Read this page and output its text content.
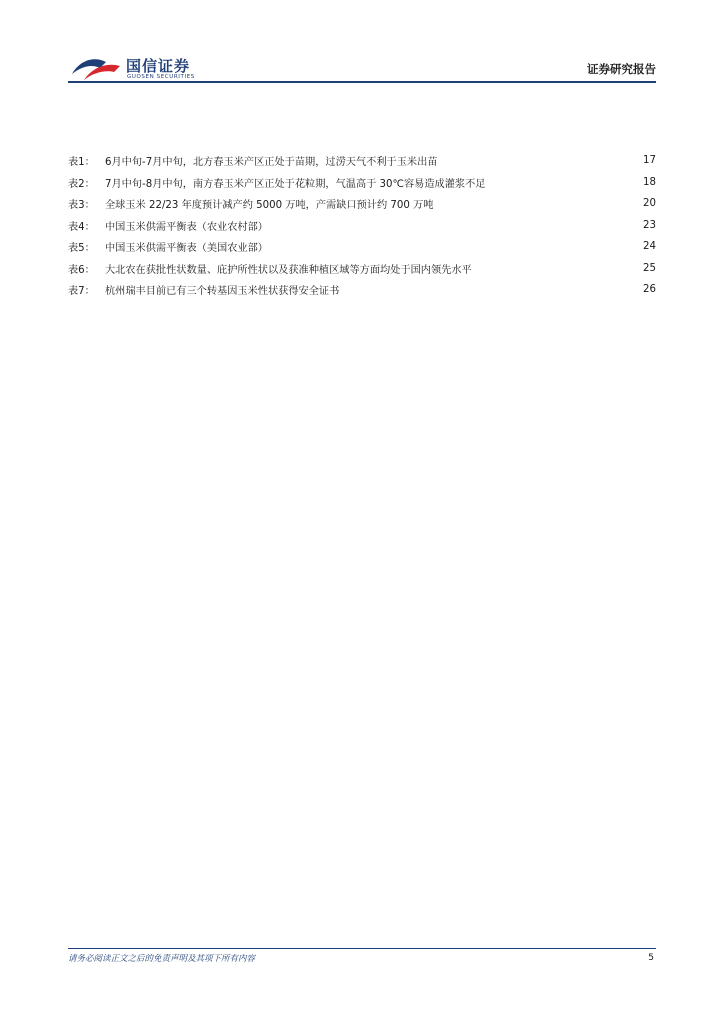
国信证券
GUOSEN SECURITIES
证券研究报告
表1： 6月中旬-7月中旬，北方春玉米产区正处于苗期，过涝天气不利于玉米出苗	17
表2： 7月中旬-8月中旬，南方春玉米产区正处于花粒期，气温高于 30℃容易造成灌浆不足	18
表3： 全球玉米 22/23 年度预计减产约 5000 万吨，产需缺口预计约 700 万吨	20
表4： 中国玉米供需平衡表（农业农村部）	23
表5： 中国玉米供需平衡表（美国农业部）	24
表6： 大北农在获批性状数量、庇护所性状以及获准种植区域等方面均处于国内领先水平	25
表7： 杭州瑞丰目前已有三个转基因玉米性状获得安全证书	26
请务必阅读正文之后的免责声明及其项下所有内容	5
